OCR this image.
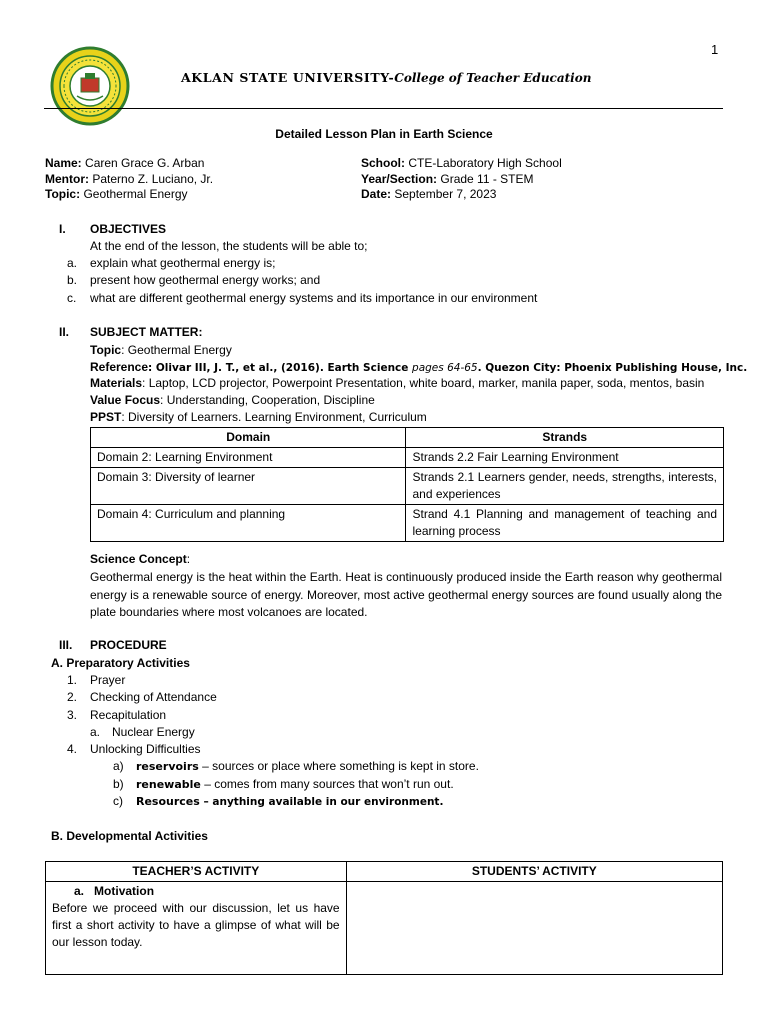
1
AKLAN STATE UNIVERSITY-College of Teacher Education
Detailed Lesson Plan in Earth Science
Name: Caren Grace G. Arban
Mentor: Paterno Z. Luciano, Jr.
Topic: Geothermal Energy
School: CTE-Laboratory High School
Year/Section: Grade 11 - STEM
Date: September 7, 2023
I. OBJECTIVES
At the end of the lesson, the students will be able to;
a. explain what geothermal energy is;
b. present how geothermal energy works; and
c. what are different geothermal energy systems and its importance in our environment
II. SUBJECT MATTER:
Topic: Geothermal Energy
Reference: Olivar III, J. T., et al., (2016). Earth Science pages 64-65. Quezon City: Phoenix Publishing House, Inc.
Materials: Laptop, LCD projector, Powerpoint Presentation, white board, marker, manila paper, soda, mentos, basin
Value Focus: Understanding, Cooperation, Discipline
PPST: Diversity of Learners. Learning Environment, Curriculum
Domain	Strands
Domain 2: Learning Environment	Strands 2.2 Fair Learning Environment
Domain 3: Diversity of learner	Strands 2.1 Learners gender, needs, strengths, interests, and experiences
Domain 4: Curriculum and planning	Strand 4.1 Planning and management of teaching and learning process
Science Concept:
Geothermal energy is the heat within the Earth. Heat is continuously produced inside the Earth reason why geothermal energy is a renewable source of energy. Moreover, most active geothermal energy sources are found usually along the plate boundaries where most volcanoes are located.
III. PROCEDURE
A. Preparatory Activities
1. Prayer
2. Checking of Attendance
3. Recapitulation
a. Nuclear Energy
4. Unlocking Difficulties
a) reservoirs – sources or place where something is kept in store.
b) renewable – comes from many sources that won’t run out.
c) Resources – anything available in our environment.
B. Developmental Activities
TEACHER’S ACTIVITY	STUDENTS’ ACTIVITY

a. Motivation
Before we proceed with our discussion, let us have first a short activity to have a glimpse of what will be our lesson today.	
